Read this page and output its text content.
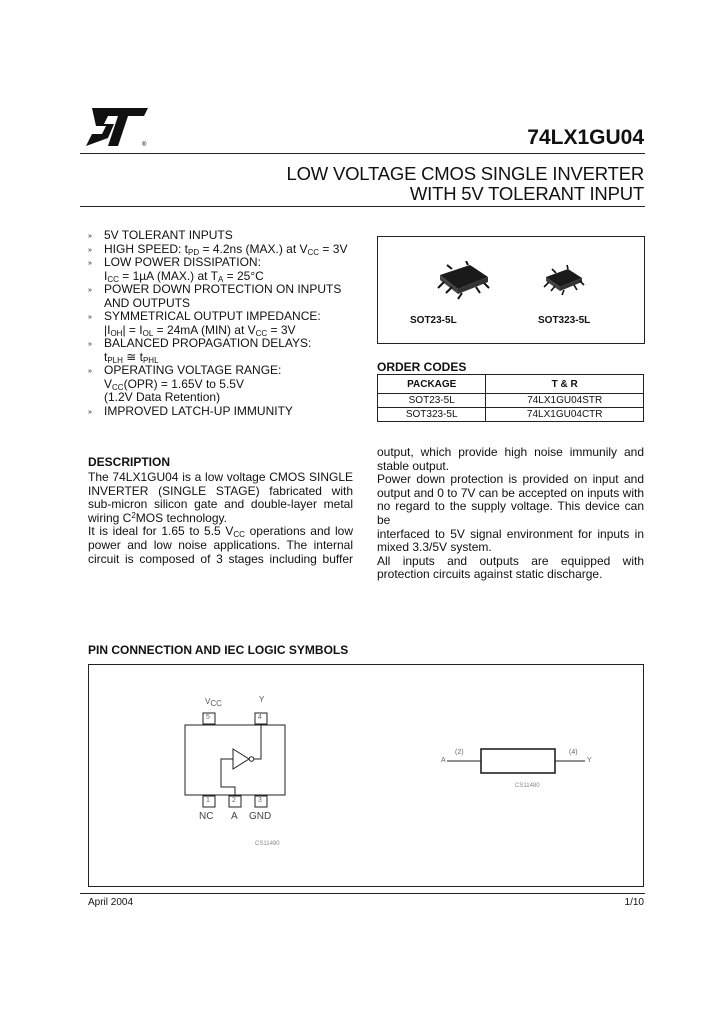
®	74LX1GU04
LOW VOLTAGE CMOS SINGLE INVERTER
WITH 5V TOLERANT INPUT
» 5V TOLERANT INPUTS
» HIGH SPEED: $t_{PD} = 4.2ns$ (MAX.) at $V_{CC} = 3V$
» LOW POWER DISSIPATION:
$I_{CC} = 1\mu A$ (MAX.) at $T_A = 25^\circ C$
» POWER DOWN PROTECTION ON INPUTS
AND OUTPUTS
» SYMMETRICAL OUTPUT IMPEDANCE:
$|I_{OH}| = I_{OL} = 24mA$ (MIN) at $V_{CC} = 3V$
» BALANCED PROPAGATION DELAYS:
$t_{PLH}$ ≅ $t_{PHL}$
» OPERATING VOLTAGE RANGE:
$V_{CC}(OPR) = 1.65V$ to 5.5V
(1.2V Data Retention)
» IMPROVED LATCH-UP IMMUNITY
SOT23-5L	SOT323-5L
ORDER CODES
PACKAGE	T & R
SOT23-5L	74LX1GU04STR
SOT323-5L	74LX1GU04CTR
DESCRIPTION
The 74LX1GU04 is a low voltage CMOS SINGLE
INVERTER (SINGLE STAGE) fabricated with
sub-micron silicon gate and double-layer metal
wiring $C^2MOS$ technology.
It is ideal for 1.65 to 5.5 $V_{CC}$ operations and low
power and low noise applications. The internal
circuit is composed of 3 stages including buffer
output, which provide high noise immunily and
stable output.
Power down protection is provided on input and
output and 0 to 7V can be accepted on inputs with
no regard to the supply voltage. This device can be
interfaced to 5V signal environment for inputs in
mixed 3.3/5V system.
All inputs and outputs are equipped with
protection circuits against static discharge.
PIN CONNECTION AND IEC LOGIC SYMBOLS
$V_{CC}$	Y
5	4
1	2	3
NC A GND
CS11490
A
(2)	(4)
Y
CS11480
April 2004	1/10
